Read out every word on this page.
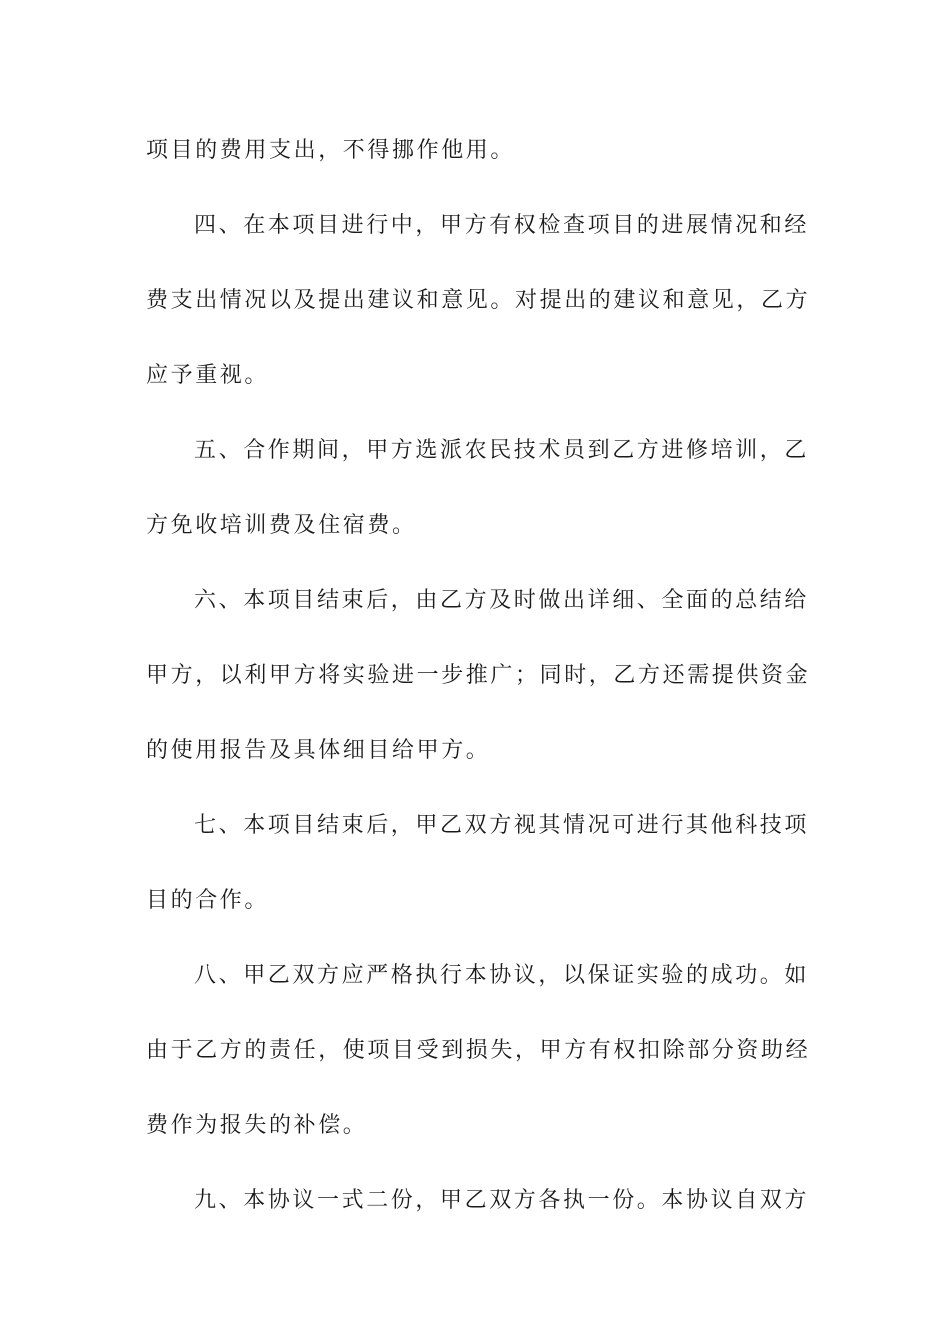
项目的费用支出，不得挪作他用。
四、在本项目进行中，甲方有权检查项目的进展情况和经
费支出情况以及提出建议和意见。对提出的建议和意见，乙方
应予重视。
五、合作期间，甲方选派农民技术员到乙方进修培训，乙
方免收培训费及住宿费。
六、本项目结束后，由乙方及时做出详细、全面的总结给
甲方，以利甲方将实验进一步推广；同时，乙方还需提供资金
的使用报告及具体细目给甲方。
七、本项目结束后，甲乙双方视其情况可进行其他科技项
目的合作。
八、甲乙双方应严格执行本协议，以保证实验的成功。如
由于乙方的责任，使项目受到损失，甲方有权扣除部分资助经
费作为报失的补偿。
九、本协议一式二份，甲乙双方各执一份。本协议自双方
